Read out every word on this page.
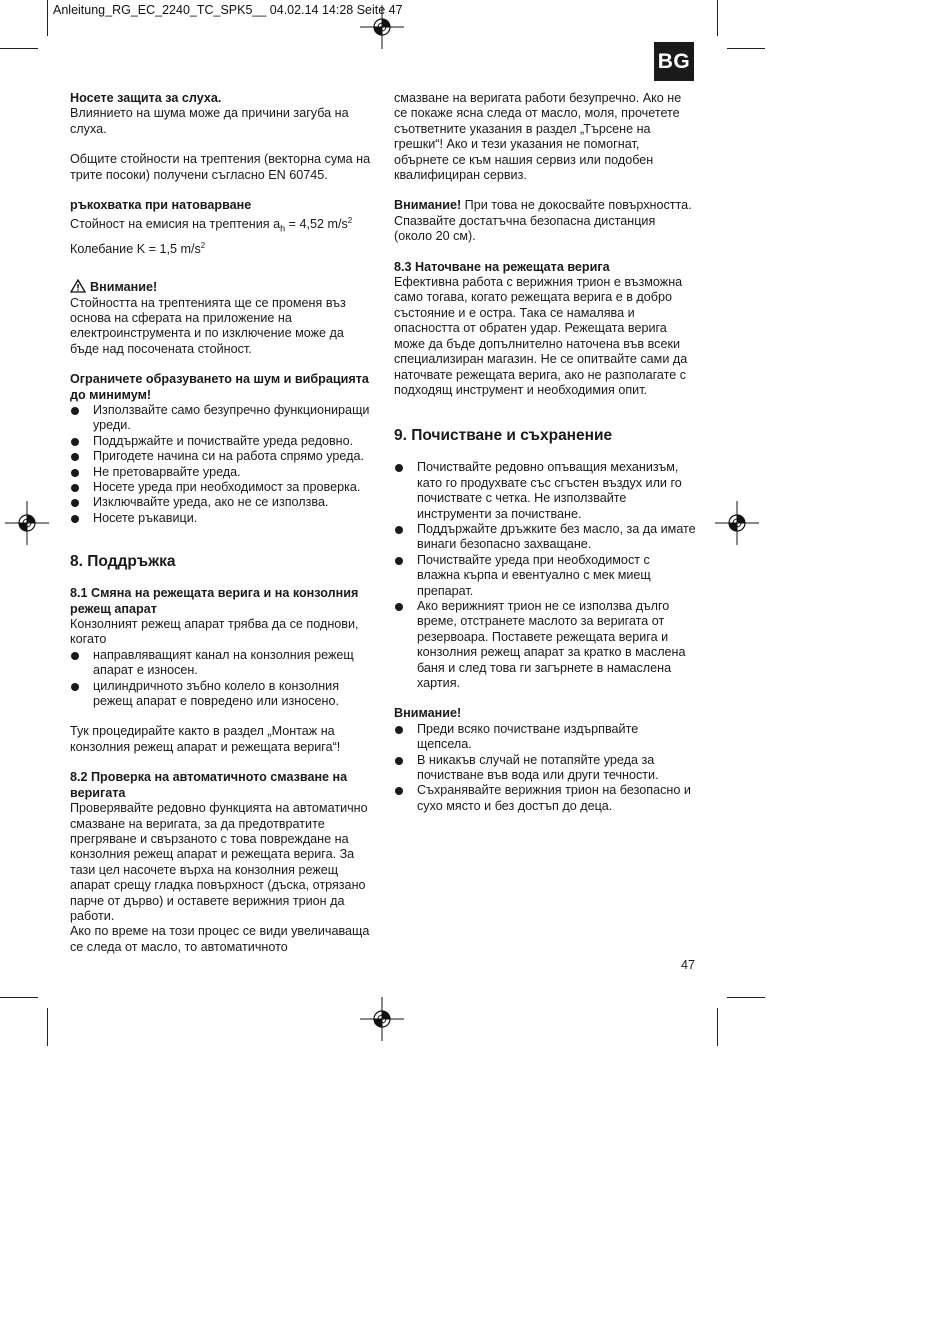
Anleitung_RG_EC_2240_TC_SPK5__ 04.02.14 14:28 Seite 47
BG

Носете защита за слуха.

Влиянието на шума може да причини загуба на слуха.

Общите стойности на трептения (векторна сума на трите посоки) получени съгласно EN 60745.

ръкохватка при натоварване

Стойност на емисия на трептения $a_h = 4,52$ $m/s^2$

Колебание K = 1,5 $m/s^2$

Внимание!

Стойността на трептенията ще се променя въз основа на сферата на приложение на електроинструмента и по изключение може да бъде над посочената стойност.

Ограничете образуването на шум и вибрацията до минимум!

Използвайте само безупречно функциониращи уреди.
Поддържайте и почиствайте уреда редовно.
Пригодете начина си на работа спрямо уреда.
Не претоварвайте уреда.
Носете уреда при необходимост за проверка.
Изключвайте уреда, ако не се използва.
Носете ръкавици.

8. Поддръжка

8.1 Смяна на режещата верига и на конзолния режещ апарат

Конзолният режещ апарат трябва да се поднови, когато

направляващият канал на конзолния режещ апарат е износен.
цилиндричното зъбно колело в конзолния режещ апарат е повредено или износено.

Тук процедирайте както в раздел „Монтаж на конзолния режещ апарат и режещата верига“!

8.2 Проверка на автоматичното смазване на веригата

Проверявайте редовно функцията на автоматично смазване на веригата, за да предотвратите прегряване и свързаното с това повреждане на конзолния режещ апарат и режещата верига. За тази цел насочете върха на конзолния режещ апарат срещу гладка повърхност (дъска, отрязано парче от дърво) и оставете верижния трион да работи.

Ако по време на този процес се види увеличаваща се следа от масло, то автоматичното

смазване на веригата работи безупречно. Ако не се покаже ясна следа от масло, моля, прочетете съответните указания в раздел „Търсене на грешки“! Ако и тези указания не помогнат, обърнете се към нашия сервиз или подобен квалифициран сервиз.

Внимание! При това не докосвайте повърхността. Спазвайте достатъчна безопасна дистанция (около 20 см).

8.3 Наточване на режещата верига

Ефективна работа с верижния трион е възможна само тогава, когато режещата верига е в добро състояние и е остра. Така се намалява и опасността от обратен удар. Режещата верига може да бъде допълнително наточена във всеки специализиран магазин. Не се опитвайте сами да наточвате режещата верига, ако не разполагате с подходящ инструмент и необходимия опит.

9. Почистване и съхранение

Почиствайте редовно опъващия механизъм, като го продухвате със сгъстен въздух или го почиствате с четка. Не използвайте инструменти за почистване.
Поддържайте дръжките без масло, за да имате винаги безопасно захващане.
Почиствайте уреда при необходимост с влажна кърпа и евентуално с мек миещ препарат.
Ако верижният трион не се използва дълго време, отстранете маслото за веригата от резервоара. Поставете режещата верига и конзолния режещ апарат за кратко в маслена баня и след това ги загърнете в намаслена хартия.

Внимание!

Преди всяко почистване издърпвайте щепсела.
В никакъв случай не потапяйте уреда за почистване във вода или други течности.
Съхранявайте верижния трион на безопасно и сухо място и без достъп до деца.
47
